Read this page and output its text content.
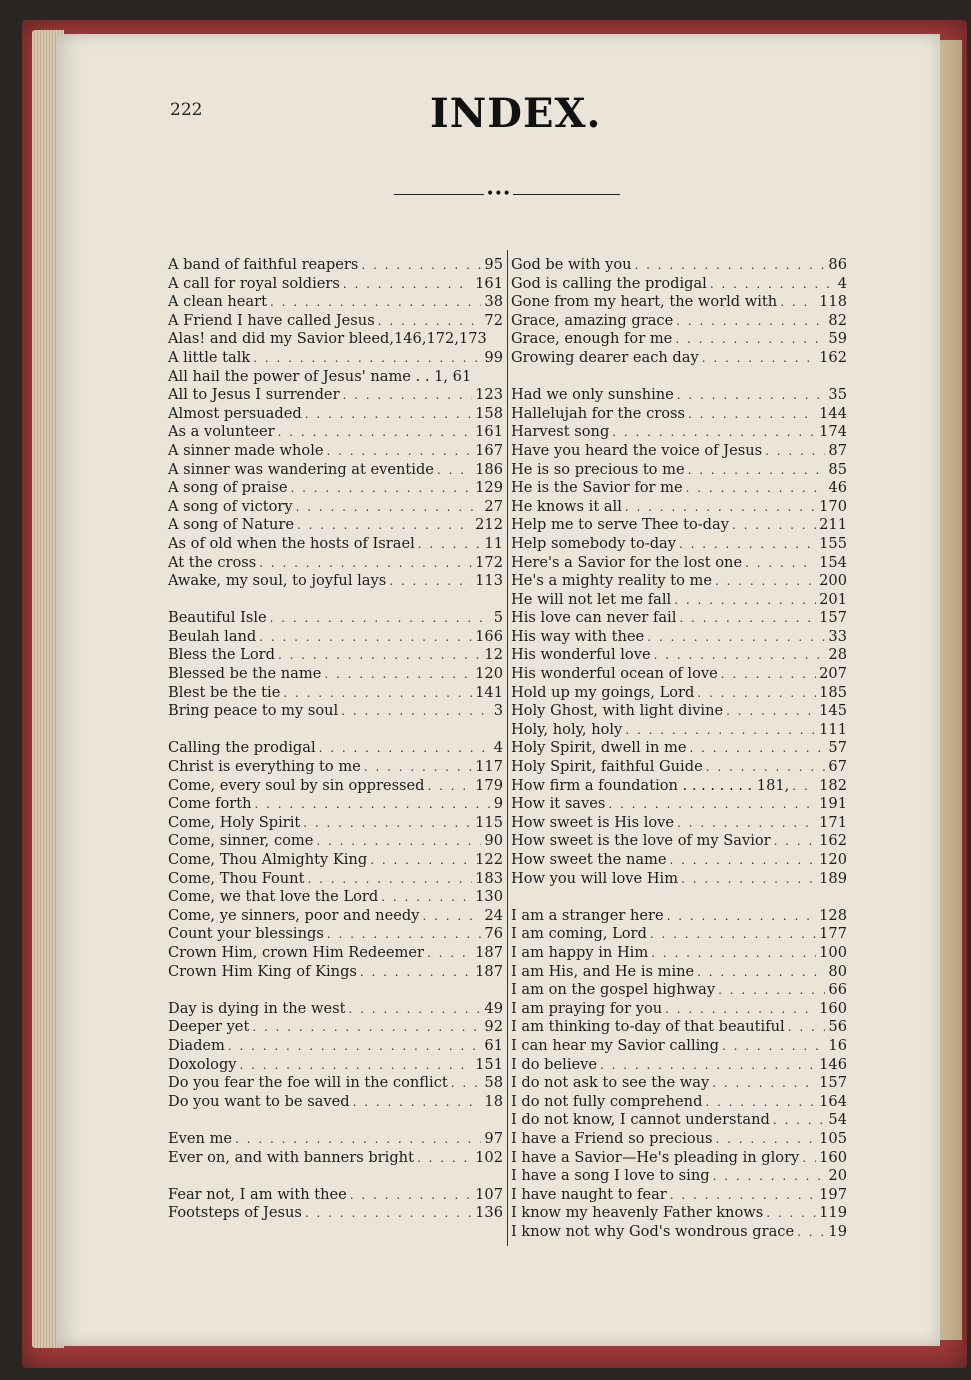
222	INDEX.
•••
A band of faithful reapers . . .	95
A call for royal soldiers . . .	161
A clean heart . . .	38
A Friend I have called Jesus . . .	72
Alas! and did my Savior bleed,146,172,173
A little talk . . .	99
All hail the power of Jesus' name . . 1, 61
All to Jesus I surrender . . .	123
Almost persuaded . . .	158
As a volunteer . . .	161
A sinner made whole . . .	167
A sinner was wandering at eventide . . .	186
A song of praise . . .	129
A song of victory . . .	27
A song of Nature . . .	212
As of old when the hosts of Israel . . .	11
At the cross . . .	172
Awake, my soul, to joyful lays . . .	113
Beautiful Isle . . .	5
Beulah land . . .	166
Bless the Lord . . .	12
Blessed be the name . . .	120
Blest be the tie . . .	141
Bring peace to my soul . . .	3
Calling the prodigal . . .	4
Christ is everything to me . . .	117
Come, every soul by sin oppressed . . .	179
Come forth . . .	9
Come, Holy Spirit . . .	115
Come, sinner, come . . .	90
Come, Thou Almighty King . . .	122
Come, Thou Fount . . .	183
Come, we that love the Lord . . .	130
Come, ye sinners, poor and needy . . .	24
Count your blessings . . .	76
Crown Him, crown Him Redeemer . . .	187
Crown Him King of Kings . . .	187
Day is dying in the west . . .	49
Deeper yet . . .	92
Diadem . . .	61
Doxology . . .	151
Do you fear the foe will in the conflict . . .	58
Do you want to be saved . . .	18
Even me . . .	97
Ever on, and with banners bright . . .	102
Fear not, I am with thee . . .	107
Footsteps of Jesus . . .	136
God be with you . . .	86
God is calling the prodigal . . .	4
Gone from my heart, the world with . . .	118
Grace, amazing grace . . .	82
Grace, enough for me . . .	59
Growing dearer each day . . .	162
Had we only sunshine . . .	35
Hallelujah for the cross . . .	144
Harvest song . . .	174
Have you heard the voice of Jesus . . .	87
He is so precious to me . . .	85
He is the Savior for me . . .	46
He knows it all . . .	170
Help me to serve Thee to-day . . .	211
Help somebody to-day . . .	155
Here's a Savior for the lost one . . .	154
He's a mighty reality to me . . .	200
He will not let me fall . . .	201
His love can never fail . . .	157
His way with thee . . .	33
His wonderful love . . .	28
His wonderful ocean of love . . .	207
Hold up my goings, Lord . . .	185
Holy Ghost, with light divine . . .	145
Holy, holy, holy . . .	111
Holy Spirit, dwell in me . . .	57
Holy Spirit, faithful Guide . . .	67
How firm a foundation . . . . . . . . 181, . . . 182
How it saves . . .	191
How sweet is His love . . .	171
How sweet is the love of my Savior . . .	162
How sweet the name . . .	120
How you will love Him . . .	189
I am a stranger here . . .	128
I am coming, Lord . . .	177
I am happy in Him . . .	100
I am His, and He is mine . . .	80
I am on the gospel highway . . .	66
I am praying for you . . .	160
I am thinking to-day of that beautiful . . .	56
I can hear my Savior calling . . .	16
I do believe . . .	146
I do not ask to see the way . . .	157
I do not fully comprehend . . .	164
I do not know, I cannot understand . . .	54
I have a Friend so precious . . .	105
I have a Savior—He's pleading in glory . . . 160
I have a song I love to sing . . .	20
I have naught to fear . . .	197
I know my heavenly Father knows . . .	119
I know not why God's wondrous grace . . . 19
